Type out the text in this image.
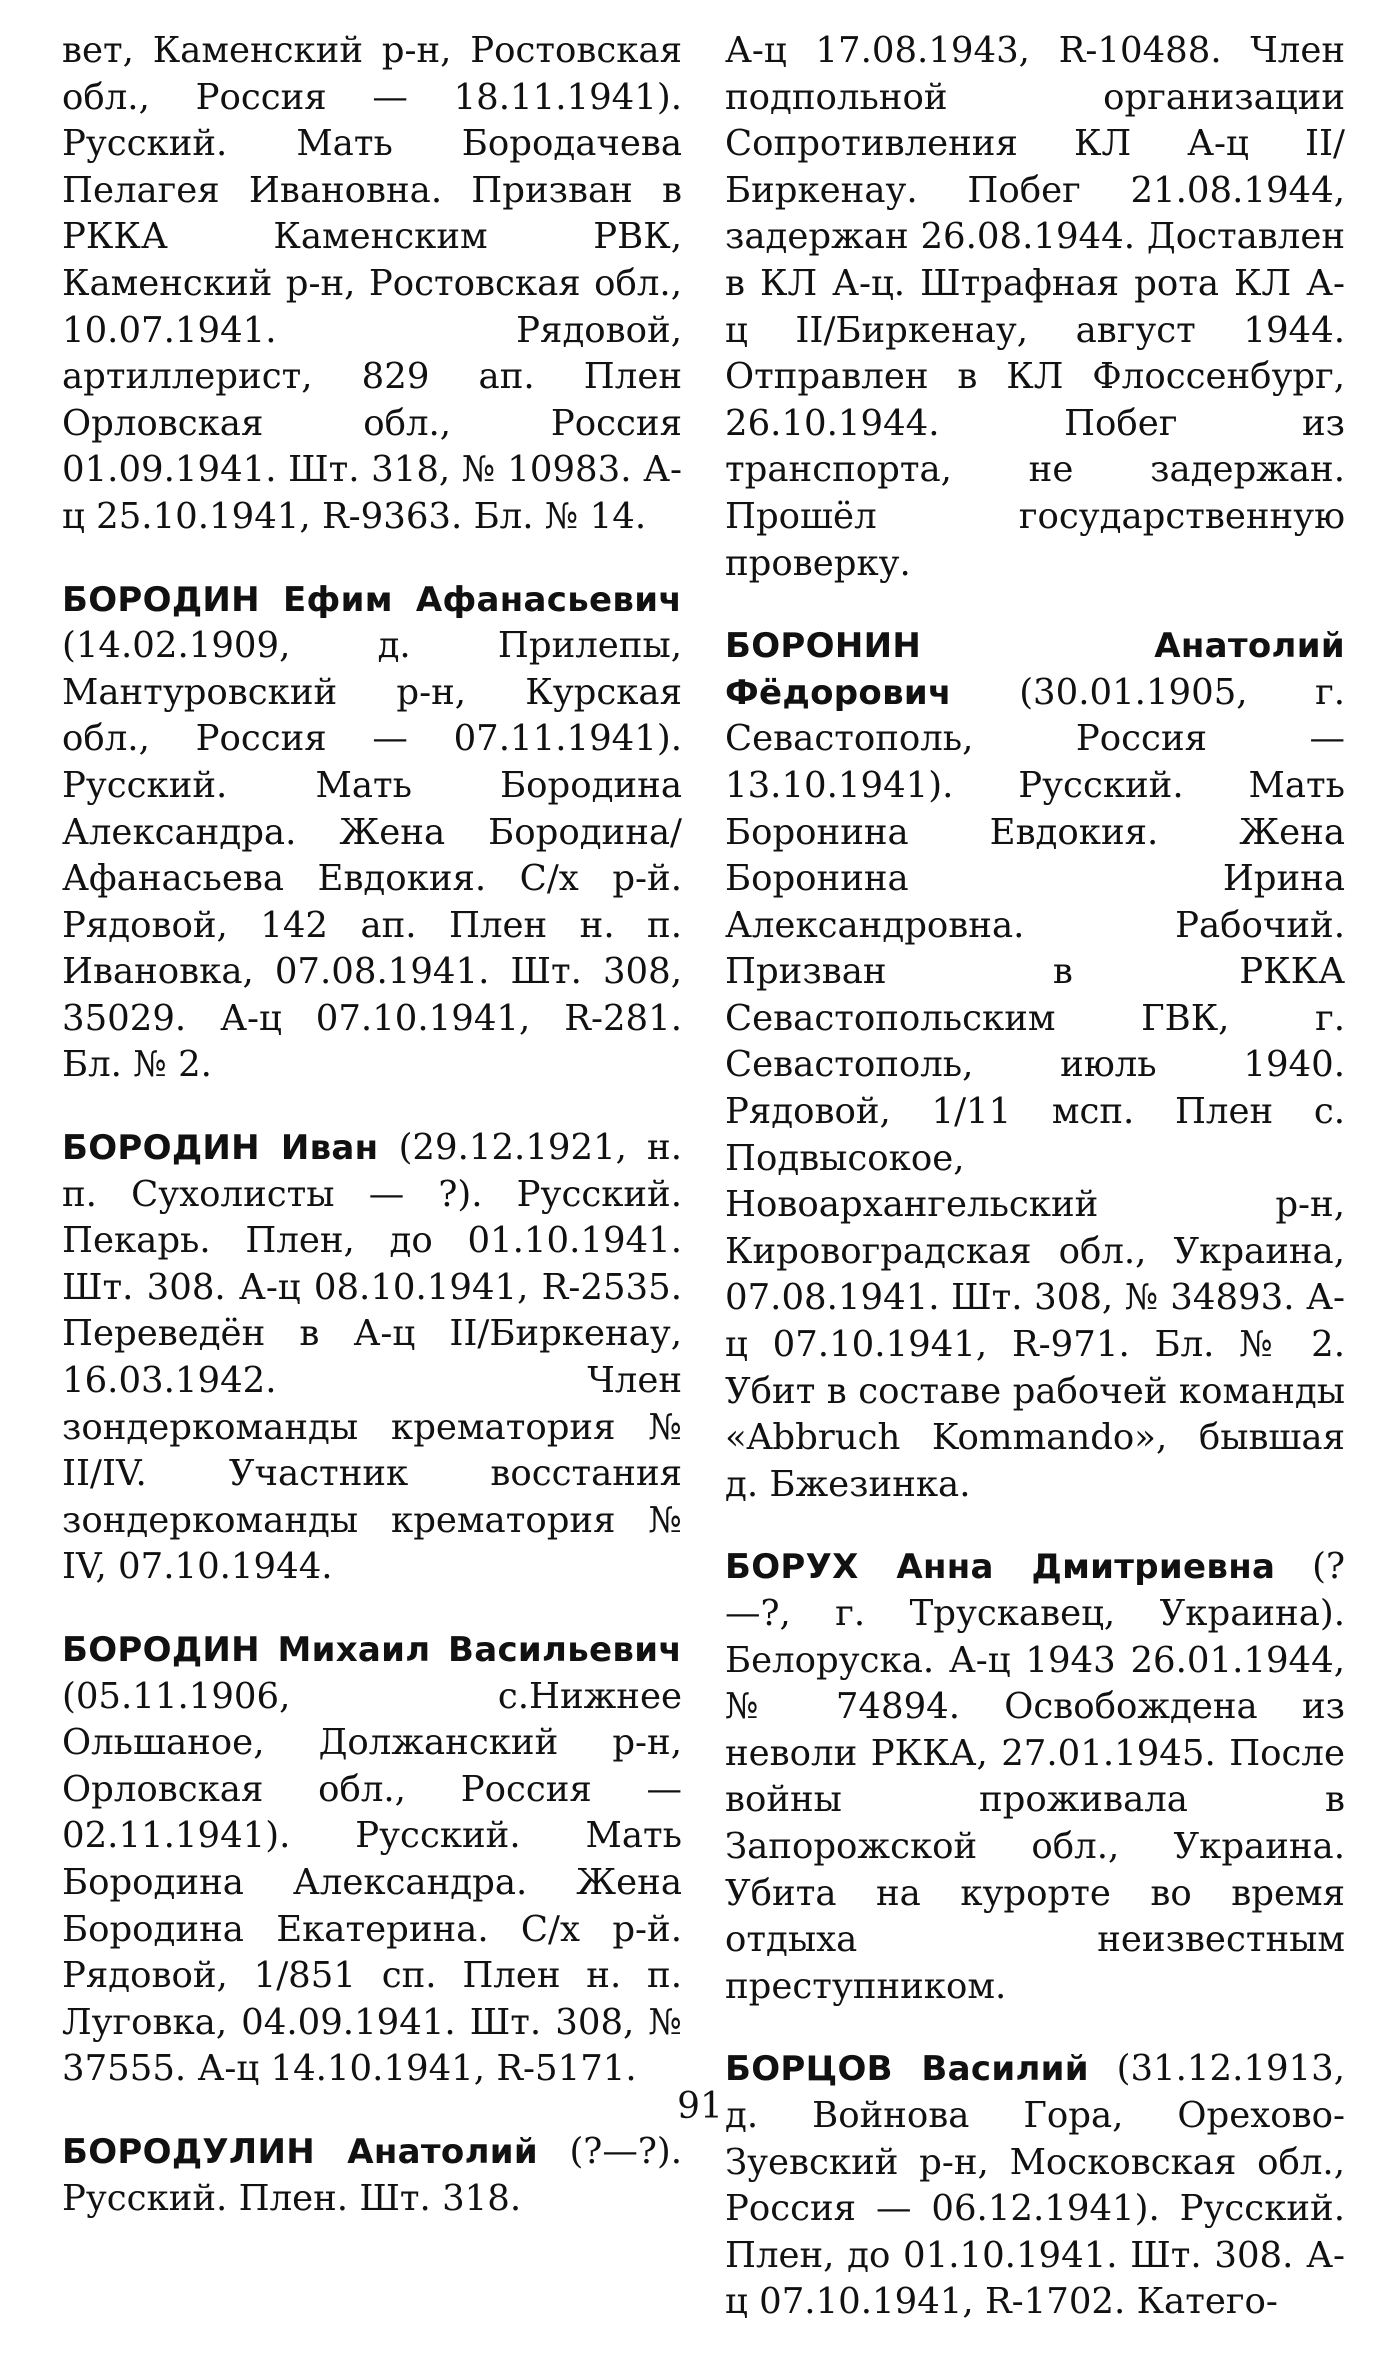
вет, Каменский р-н, Ростовская обл., Россия — 18.11.1941). Русский. Мать Бородачева Пелагея Ивановна. Призван в РККА Каменским РВК, Каменский р-н, Ростовская обл., 10.07.1941. Рядовой, артиллерист, 829 ап. Плен Орловская обл., Россия 01.09.1941. Шт. 318, № 10983. А-ц 25.10.1941, R-9363. Бл. № 14.

БОРОДИН Ефим Афанасьевич (14.02.1909, д. Прилепы, Мантуровский р-н, Курская обл., Россия — 07.11.1941). Русский. Мать Бородина Александра. Жена Бородина/Афанасьева Евдокия. С/х р-й. Рядовой, 142 ап. Плен н. п. Ивановка, 07.08.1941. Шт. 308, 35029. А-ц 07.10.1941, R-281. Бл. № 2.

БОРОДИН Иван (29.12.1921, н. п. Сухолисты — ?). Русский. Пекарь. Плен, до 01.10.1941. Шт. 308. А-ц 08.10.1941, R-2535. Переведён в А-ц II/Биркенау, 16.03.1942. Член зондеркоманды крематория № II/IV. Участник восстания зондеркоманды крематория № IV, 07.10.1944.

БОРОДИН Михаил Васильевич (05.11.1906, с.Нижнее Ольшаное, Должанский р-н, Орловская обл., Россия — 02.11.1941). Русский. Мать Бородина Александра. Жена Бородина Екатерина. С/х р-й. Рядовой, 1/851 сп. Плен н. п. Луговка, 04.09.1941. Шт. 308, № 37555. А-ц 14.10.1941, R-5171.

БОРОДУЛИН Анатолий (?—?). Русский. Плен. Шт. 318.

А-ц 17.08.1943, R-10488. Член подпольной организации Сопротивления КЛ А-ц II/Биркенау. Побег 21.08.1944, задержан 26.08.1944. Доставлен в КЛ А-ц. Штрафная рота КЛ А-ц II/Биркенау, август 1944. Отправлен в КЛ Флоссенбург, 26.10.1944. Побег из транспорта, не задержан. Прошёл государственную проверку.

БОРОНИН Анатолий Фёдорович (30.01.1905, г. Севастополь, Россия — 13.10.1941). Русский. Мать Боронина Евдокия. Жена Боронина Ирина Александровна. Рабочий. Призван в РККА Севастопольским ГВК, г. Севастополь, июль 1940. Рядовой, 1/11 мсп. Плен с. Подвысокое, Новоархангельский р-н, Кировоградская обл., Украина, 07.08.1941. Шт. 308, № 34893. А-ц 07.10.1941, R-971. Бл. № 2. Убит в составе рабочей команды «Abbruch Kommando», бывшая д. Бжезинка.

БОРУХ Анна Дмитриевна (? —?, г. Трускавец, Украина). Белоруска. А-ц 1943 26.01.1944, № 74894. Освобождена из неволи РККА, 27.01.1945. После войны проживала в Запорожской обл., Украина. Убита на курорте во время отдыха неизвестным преступником.

БОРЦОВ Василий (31.12.1913, д. Войнова Гора, Орехово-Зуевский р-н, Московская обл., Россия — 06.12.1941). Русский. Плен, до 01.10.1941. Шт. 308. А-ц 07.10.1941, R-1702. Катего-

91
